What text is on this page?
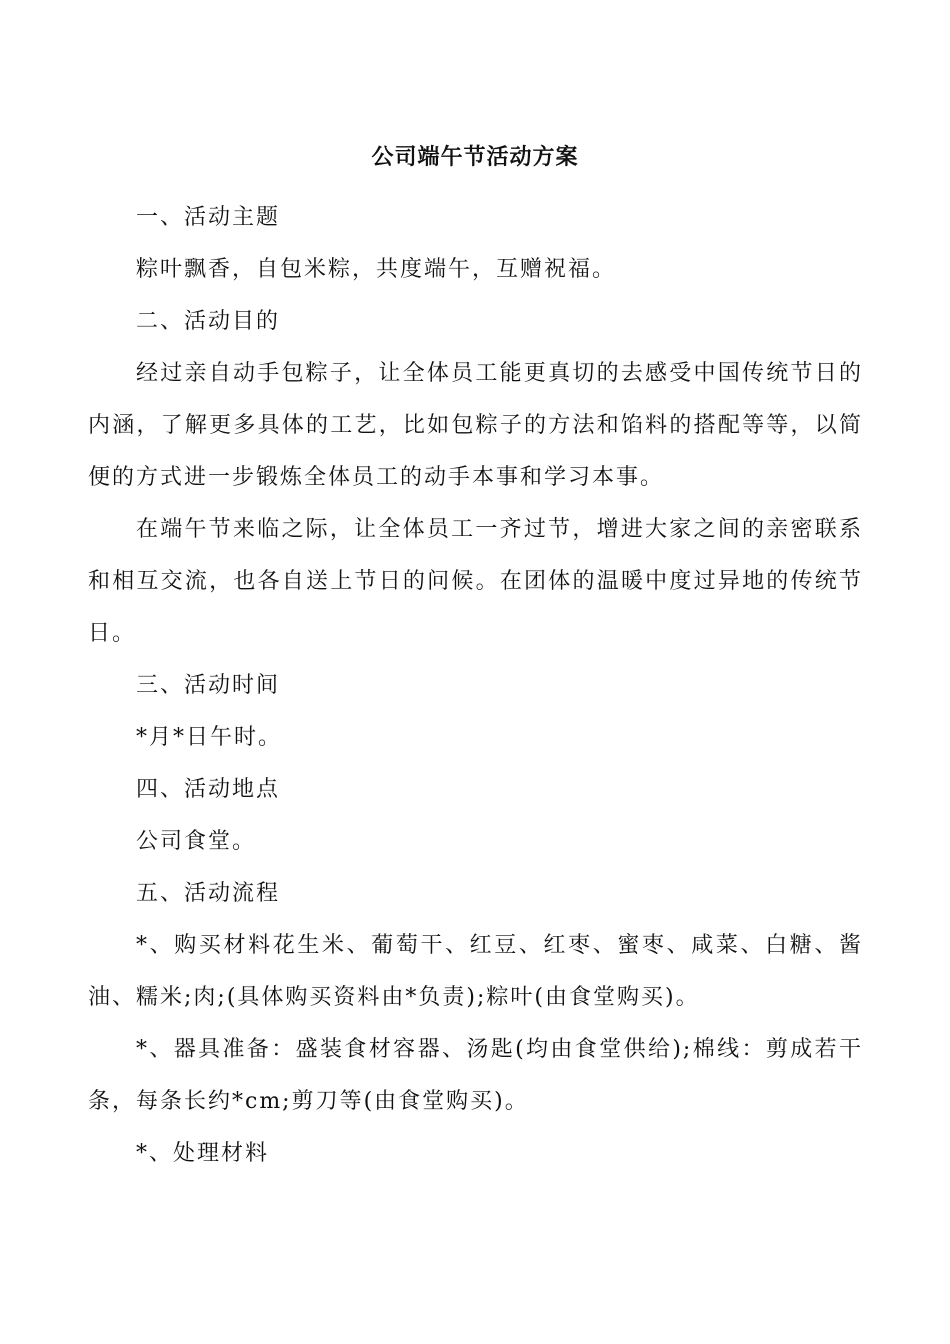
公司端午节活动方案

一、活动主题

粽叶飘香，自包米粽，共度端午，互赠祝福。

二、活动目的

经过亲自动手包粽子，让全体员工能更真切的去感受中国传统节日的内涵，了解更多具体的工艺，比如包粽子的方法和馅料的搭配等等，以简便的方式进一步锻炼全体员工的动手本事和学习本事。

在端午节来临之际，让全体员工一齐过节，增进大家之间的亲密联系和相互交流，也各自送上节日的问候。在团体的温暖中度过异地的传统节日。

三、活动时间

*月*日午时。

四、活动地点

公司食堂。

五、活动流程

*、购买材料花生米、葡萄干、红豆、红枣、蜜枣、咸菜、白糖、酱油、糯米;肉;(具体购买资料由*负责);粽叶(由食堂购买)。

*、器具准备：盛装食材容器、汤匙(均由食堂供给);棉线：剪成若干条，每条长约*cm;剪刀等(由食堂购买)。

*、处理材料
